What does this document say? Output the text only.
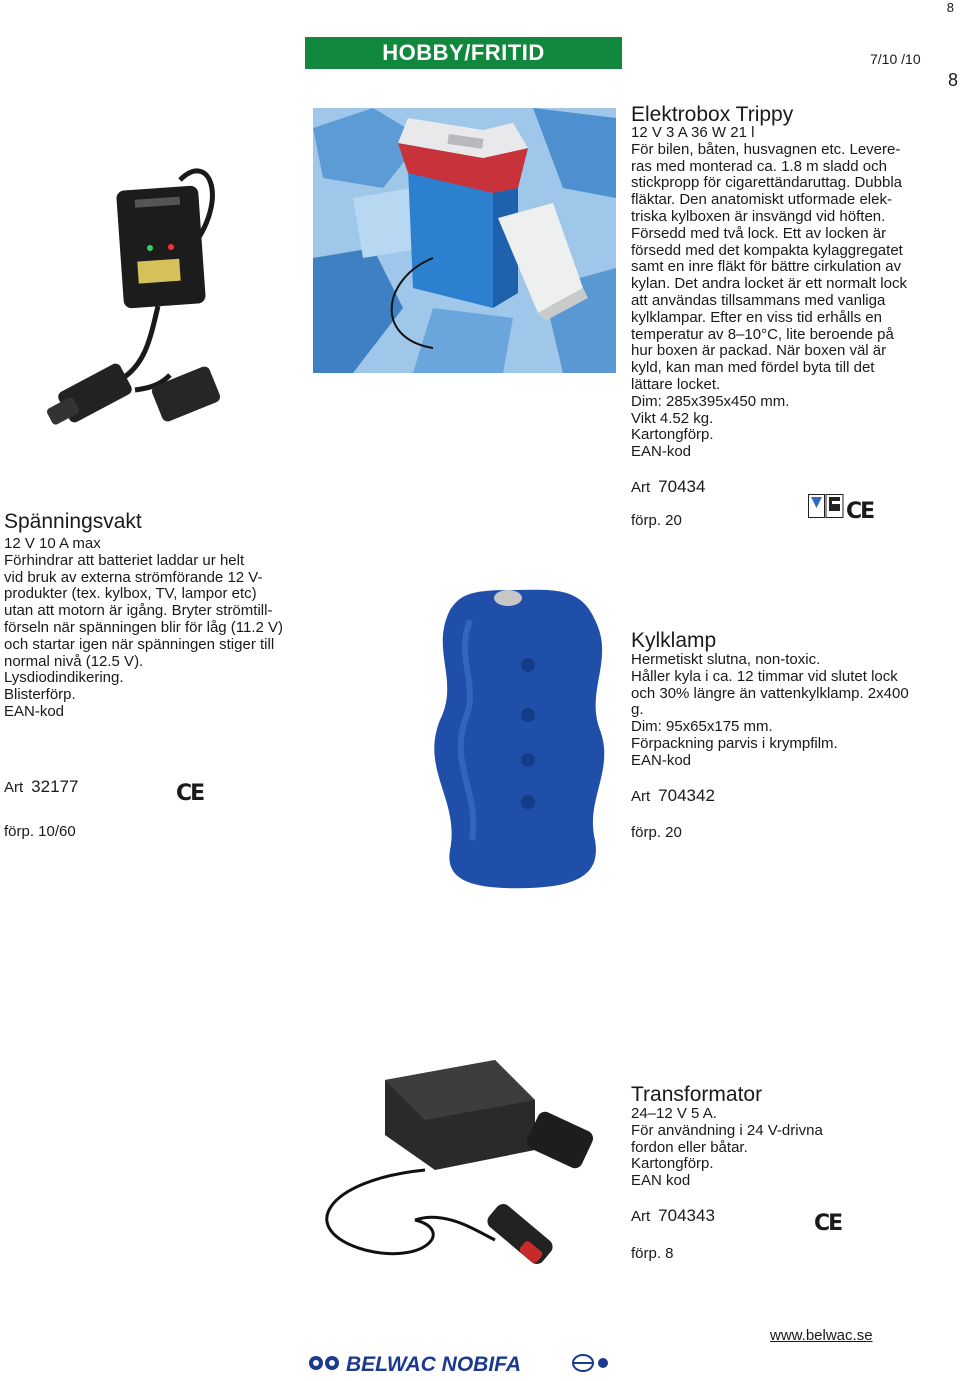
8
8
HOBBY/FRITID	7/10 /10
Spänningsvakt
12 V 10 A max
Förhindrar att batteriet laddar ur helt
vid bruk av externa strömförande 12 V-
produkter (tex. kylbox, TV, lampor etc)
utan att motorn är igång. Bryter strömtill-
förseln när spänningen blir för låg (11.2 V)
och startar igen när spänningen stiger till
normal nivå (12.5 V).
Lysdiodindikering.
Blisterförp.
EAN-kod
Art 32177	CE
förp. 10/60
Elektrobox Trippy
12 V 3 A 36 W 21 l
För bilen, båten, husvagnen etc. Levere-
ras med monterad ca. 1.8 m sladd och
stickpropp för cigarettändaruttag. Dubbla
fläktar. Den anatomiskt utformade elek-
triska kylboxen är insvängd vid höften.
Försedd med två lock. Ett av locken är
försedd med det kompakta kylaggregatet
samt en inre fläkt för bättre cirkulation av
kylan. Det andra locket är ett normalt lock
att användas tillsammans med vanliga
kylklampar. Efter en viss tid erhålls en
temperatur av 8–10°C, lite beroende på
hur boxen är packad. När boxen väl är
kyld, kan man med fördel byta till det
lättare locket.
Dim: 285x395x450 mm.
Vikt 4.52 kg.
Kartongförp.
EAN-kod
Art 70434
förp. 20	CE
Kylklamp
Hermetiskt slutna, non-toxic.
Håller kyla i ca. 12 timmar vid slutet lock
och 30% längre än vattenkylklamp. 2x400
g.
Dim: 95x65x175 mm.
Förpackning parvis i krympfilm.
EAN-kod
Art 704342
förp. 20
Transformator
24–12 V 5 A.
För användning i 24 V-drivna
fordon eller båtar.
Kartongförp.
EAN kod
Art 704343	CE
förp. 8
www.belwac.se
BELWAC NOBIFA
